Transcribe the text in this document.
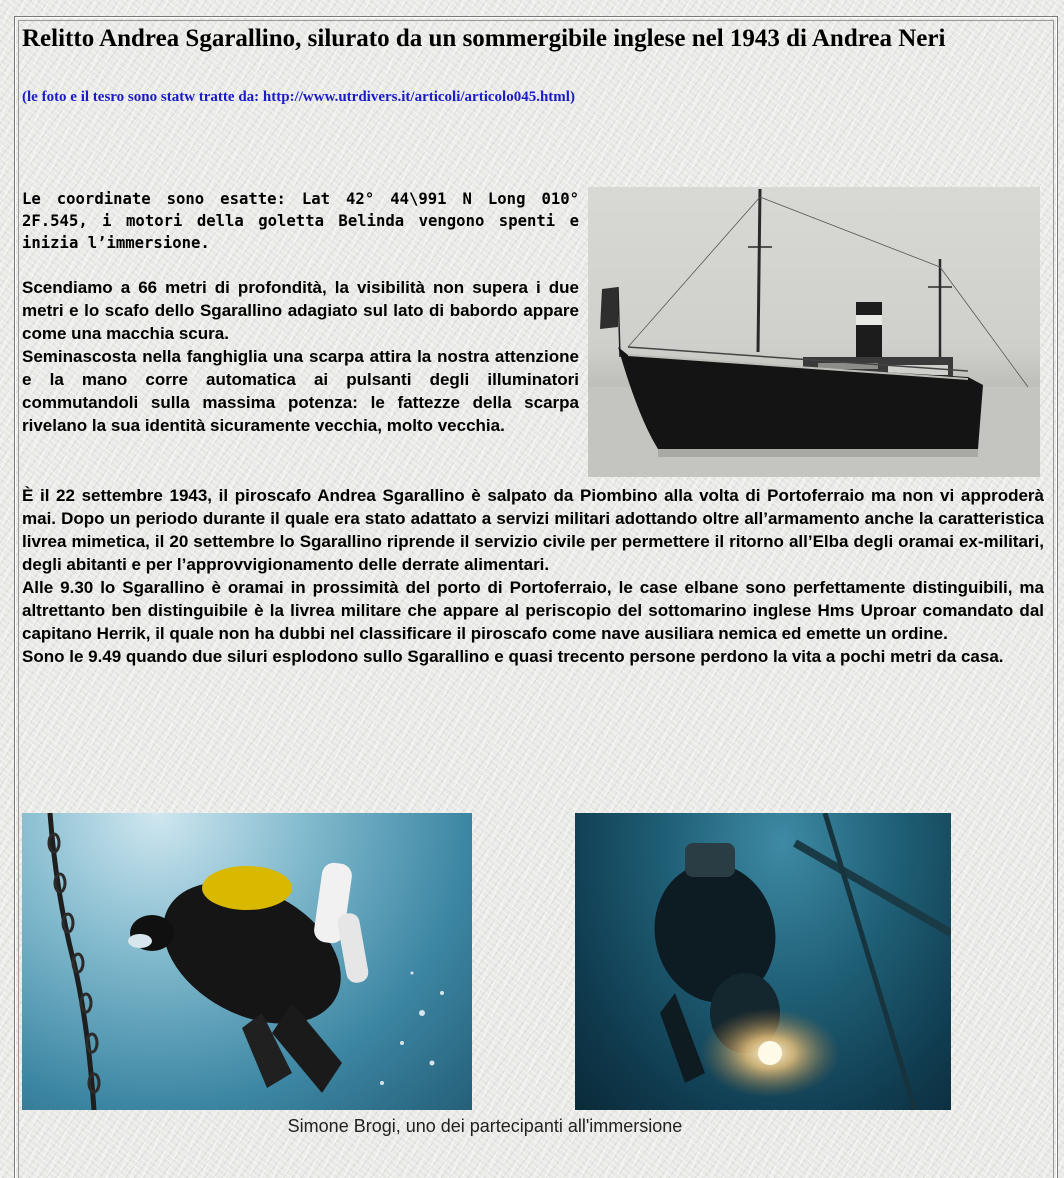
Relitto Andrea Sgarallino, silurato da un sommergibile inglese nel 1943 di Andrea Neri

(le foto e il tesro sono statw tratte da: http://www.utrdivers.it/articoli/articolo045.html)

Le coordinate sono esatte: Lat 42° 44\991 N Long 010° 2F.545, i motori della goletta Belinda vengono spenti e inizia l’immersione.

Scendiamo a 66 metri di profondità, la visibilità non supera i due metri e lo scafo dello Sgarallino adagiato sul lato di babordo appare come una macchia scura.

Seminascosta nella fanghiglia una scarpa attira la nostra attenzione e la mano corre automatica ai pulsanti degli illuminatori commutandoli sulla massima potenza: le fattezze della scarpa rivelano la sua identità sicuramente vecchia, molto vecchia.

È il 22 settembre 1943, il piroscafo Andrea Sgarallino è salpato da Piombino alla volta di Portoferraio ma non vi approderà mai. Dopo un periodo durante il quale era stato adattato a servizi militari adottando oltre all’armamento anche la caratteristica livrea mimetica, il 20 settembre lo Sgarallino riprende il servizio civile per permettere il ritorno all’Elba degli oramai ex-militari, degli abitanti e per l’approvvigionamento delle derrate alimentari.

Alle 9.30 lo Sgarallino è oramai in prossimità del porto di Portoferraio, le case elbane sono perfettamente distinguibili, ma altrettanto ben distinguibile è la livrea militare che appare al periscopio del sottomarino inglese Hms Uproar comandato dal capitano Herrik, il quale non ha dubbi nel classificare il piroscafo come nave ausiliara nemica ed emette un ordine.

Sono le 9.49 quando due siluri esplodono sullo Sgarallino e quasi trecento persone perdono la vita a pochi metri da casa.

Simone Brogi, uno dei partecipanti all'immersione
